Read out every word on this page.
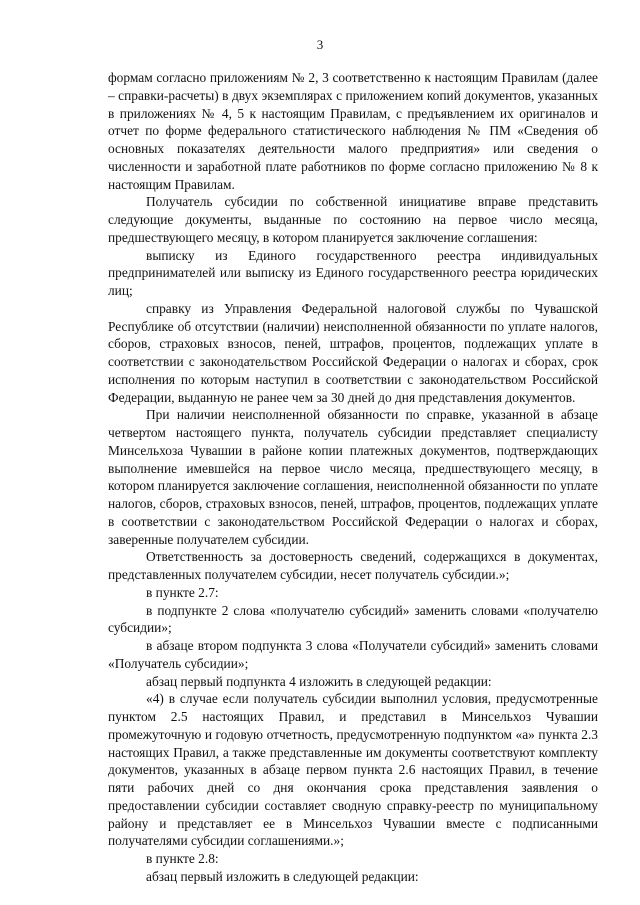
3

формам согласно приложениям № 2, 3 соответственно к настоящим Правилам (далее – справки-расчеты) в двух экземплярах с приложением копий документов, указанных в приложениях № 4, 5 к настоящим Правилам, с предъявлением их оригиналов и отчет по форме федерального статистического наблюдения № ПМ «Сведения об основных показателях деятельности малого предприятия» или сведения о численности и заработной плате работников по форме согласно приложению № 8 к настоящим Правилам.

Получатель субсидии по собственной инициативе вправе представить следующие документы, выданные по состоянию на первое число месяца, предшествующего месяцу, в котором планируется заключение соглашения:

выписку из Единого государственного реестра индивидуальных предпринимателей или выписку из Единого государственного реестра юридических лиц;

справку из Управления Федеральной налоговой службы по Чувашской Республике об отсутствии (наличии) неисполненной обязанности по уплате налогов, сборов, страховых взносов, пеней, штрафов, процентов, подлежащих уплате в соответствии с законодательством Российской Федерации о налогах и сборах, срок исполнения по которым наступил в соответствии с законодательством Российской Федерации, выданную не ранее чем за 30 дней до дня представления документов.

При наличии неисполненной обязанности по справке, указанной в абзаце четвертом настоящего пункта, получатель субсидии представляет специалисту Минсельхоза Чувашии в районе копии платежных документов, подтверждающих выполнение имевшейся на первое число месяца, предшествующего месяцу, в котором планируется заключение соглашения, неисполненной обязанности по уплате налогов, сборов, страховых взносов, пеней, штрафов, процентов, подлежащих уплате в соответствии с законодательством Российской Федерации о налогах и сборах, заверенные получателем субсидии.

Ответственность за достоверность сведений, содержащихся в документах, представленных получателем субсидии, несет получатель субсидии.»;

в пункте 2.7:

в подпункте 2 слова «получателю субсидий» заменить словами «получателю субсидии»;

в абзаце втором подпункта 3 слова «Получатели субсидий» заменить словами «Получатель субсидии»;

абзац первый подпункта 4 изложить в следующей редакции:

«4) в случае если получатель субсидии выполнил условия, предусмотренные пунктом 2.5 настоящих Правил, и представил в Минсельхоз Чувашии промежуточную и годовую отчетность, предусмотренную подпунктом «а» пункта 2.3 настоящих Правил, а также представленные им документы соответствуют комплекту документов, указанных в абзаце первом пункта 2.6 настоящих Правил, в течение пяти рабочих дней со дня окончания срока представления заявления о предоставлении субсидии составляет сводную справку-реестр по муниципальному району и представляет ее в Минсельхоз Чувашии вместе с подписанными получателями субсидии соглашениями.»;

в пункте 2.8:

абзац первый изложить в следующей редакции:
